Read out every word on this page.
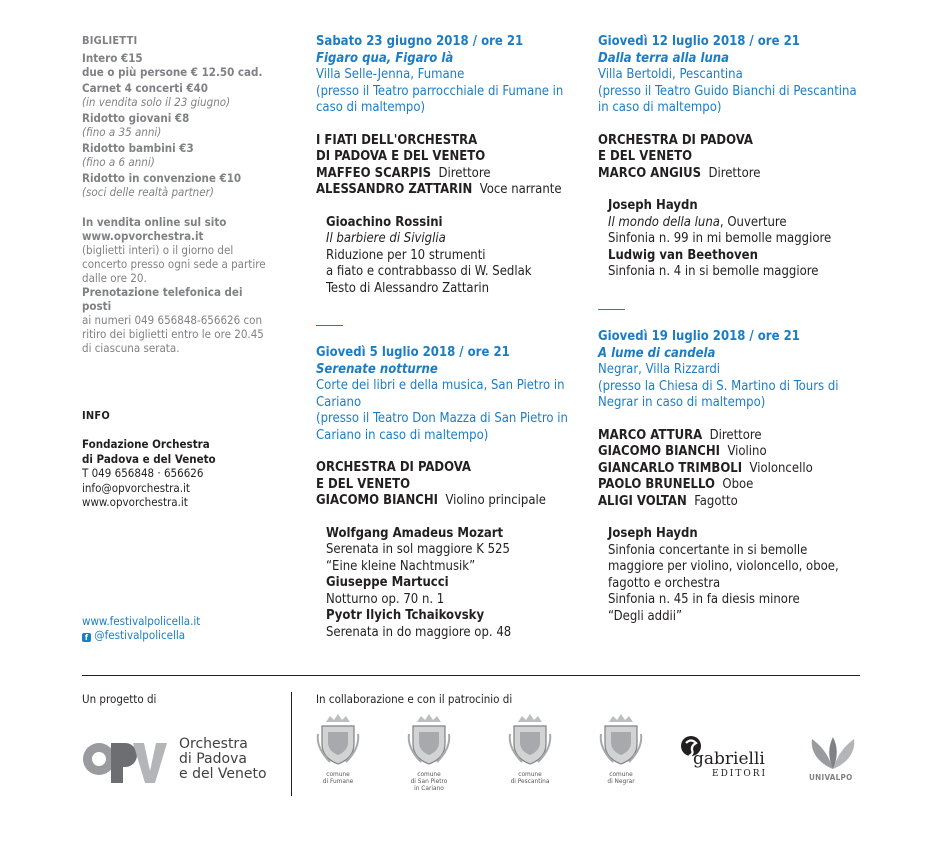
BIGLIETTI
Intero €15
due o più persone € 12.50 cad.
Carnet 4 concerti €40
(in vendita solo il 23 giugno)
Ridotto giovani €8
(fino a 35 anni)
Ridotto bambini €3
(fino a 6 anni)
Ridotto in convenzione €10
(soci delle realtà partner)
In vendita online sul sito
www.opvorchestra.it
(biglietti interi) o il giorno del concerto presso ogni sede a partire dalle ore 20.
Prenotazione telefonica dei posti
ai numeri 049 656848-656626 con ritiro dei biglietti entro le ore 20.45 di ciascuna serata.
INFO
Fondazione Orchestra
di Padova e del Veneto
T 049 656848 · 656626
info@opvorchestra.it
www.opvorchestra.it
www.festivalpolicella.it
f @festivalpolicella
Sabato 23 giugno 2018 / ore 21
Figaro qua, Figaro là
Villa Selle-Jenna, Fumane
(presso il Teatro parrocchiale di Fumane in caso di maltempo)
I FIATI DELL'ORCHESTRA
DI PADOVA E DEL VENETO
MAFFEO SCARPIS Direttore
ALESSANDRO ZATTARIN Voce narrante
Gioachino Rossini
Il barbiere di Siviglia
Riduzione per 10 strumenti
a fiato e contrabbasso di W. Sedlak
Testo di Alessandro Zattarin
Giovedì 5 luglio 2018 / ore 21
Serenate notturne
Corte dei libri e della musica, San Pietro in Cariano
(presso il Teatro Don Mazza di San Pietro in Cariano in caso di maltempo)
ORCHESTRA DI PADOVA
E DEL VENETO
GIACOMO BIANCHI Violino principale
Wolfgang Amadeus Mozart
Serenata in sol maggiore K 525
“Eine kleine Nachtmusik”
Giuseppe Martucci
Notturno op. 70 n. 1
Pyotr Ilyich Tchaikovsky
Serenata in do maggiore op. 48
Giovedì 12 luglio 2018 / ore 21
Dalla terra alla luna
Villa Bertoldi, Pescantina
(presso il Teatro Guido Bianchi di Pescantina in caso di maltempo)
ORCHESTRA DI PADOVA
E DEL VENETO
MARCO ANGIUS Direttore
Joseph Haydn
Il mondo della luna, Ouverture
Sinfonia n. 99 in mi bemolle maggiore
Ludwig van Beethoven
Sinfonia n. 4 in si bemolle maggiore
Giovedì 19 luglio 2018 / ore 21
A lume di candela
Negrar, Villa Rizzardi
(presso la Chiesa di S. Martino di Tours di Negrar in caso di maltempo)
MARCO ATTURA Direttore
GIACOMO BIANCHI Violino
GIANCARLO TRIMBOLI Violoncello
PAOLO BRUNELLO Oboe
ALIGI VOLTAN Fagotto
Joseph Haydn
Sinfonia concertante in si bemolle maggiore per violino, violoncello, oboe, fagotto e orchestra
Sinfonia n. 45 in fa diesis minore
“Degli addii”
Un progetto di
Orchestra
di Padova
e del Veneto
In collaborazione e con il patrocinio di
comune
di Fumane
comune
di San Pietro
in Cariano
comune
di Pescantina
comune
di Negrar
gabrielli
EDITORI	UNIVALPO
